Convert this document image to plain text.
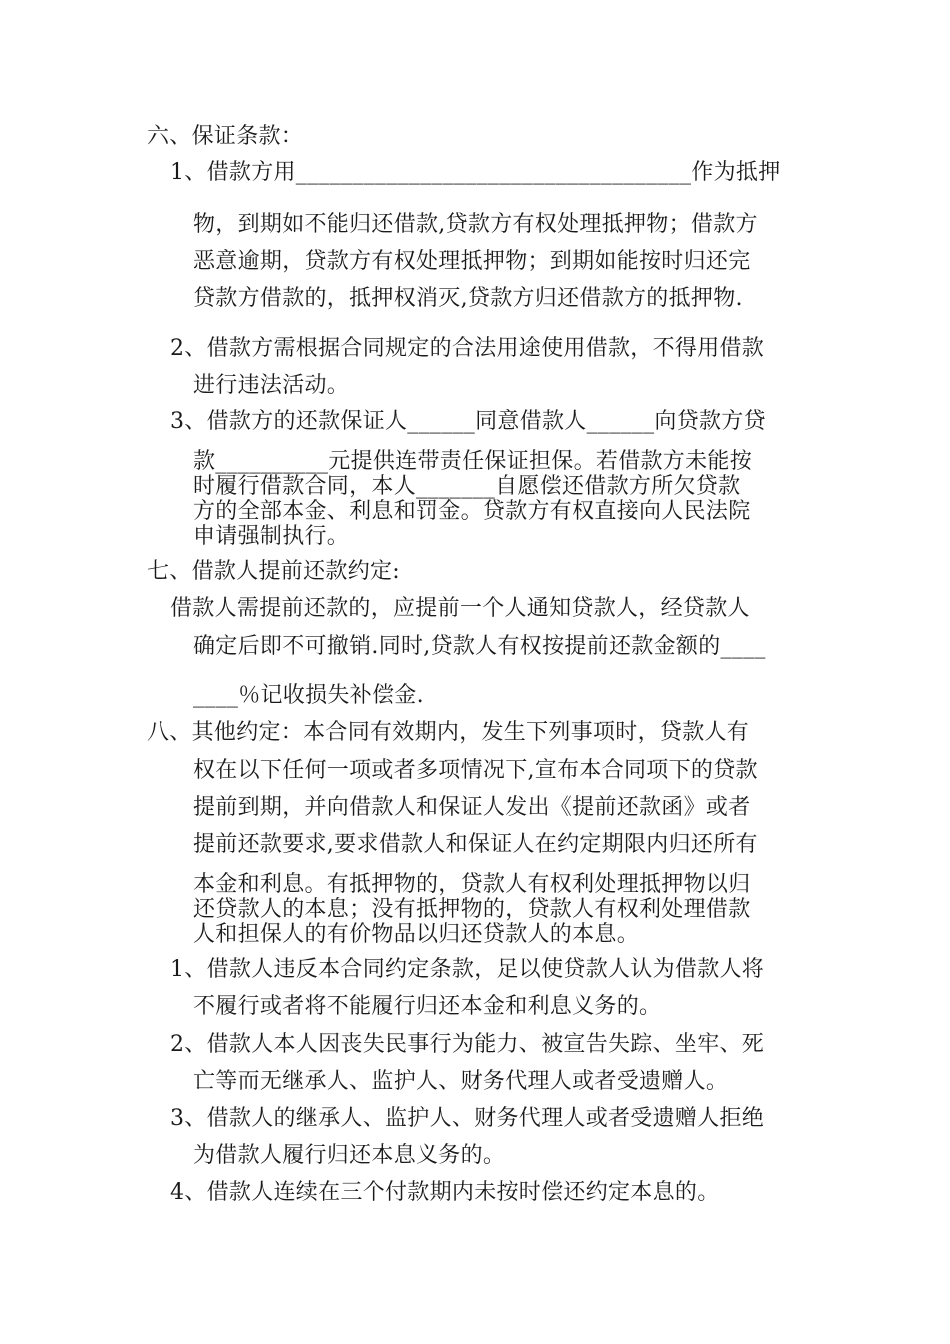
六、保证条款：
1、借款方用___________________________________作为抵押
物，到期如不能归还借款,贷款方有权处理抵押物；借款方
恶意逾期，贷款方有权处理抵押物；到期如能按时归还完
贷款方借款的，抵押权消灭,贷款方归还借款方的抵押物.
2、借款方需根据合同规定的合法用途使用借款，不得用借款
进行违法活动。
3、借款方的还款保证人______同意借款人______向贷款方贷
款__________元提供连带责任保证担保。若借款方未能按
时履行借款合同，本人_______自愿偿还借款方所欠贷款
方的全部本金、利息和罚金。贷款方有权直接向人民法院
申请强制执行。
七、借款人提前还款约定:
借款人需提前还款的，应提前一个人通知贷款人，经贷款人
确定后即不可撤销.同时,贷款人有权按提前还款金额的____
____％记收损失补偿金.
八、其他约定：本合同有效期内，发生下列事项时，贷款人有
权在以下任何一项或者多项情况下,宣布本合同项下的贷款
提前到期，并向借款人和保证人发出《提前还款函》或者
提前还款要求,要求借款人和保证人在约定期限内归还所有
本金和利息。有抵押物的，贷款人有权利处理抵押物以归
还贷款人的本息；没有抵押物的，贷款人有权利处理借款
人和担保人的有价物品以归还贷款人的本息。
1、借款人违反本合同约定条款，足以使贷款人认为借款人将
不履行或者将不能履行归还本金和利息义务的。
2、借款人本人因丧失民事行为能力、被宣告失踪、坐牢、死
亡等而无继承人、监护人、财务代理人或者受遗赠人。
3、借款人的继承人、监护人、财务代理人或者受遗赠人拒绝
为借款人履行归还本息义务的。
4、借款人连续在三个付款期内未按时偿还约定本息的。
